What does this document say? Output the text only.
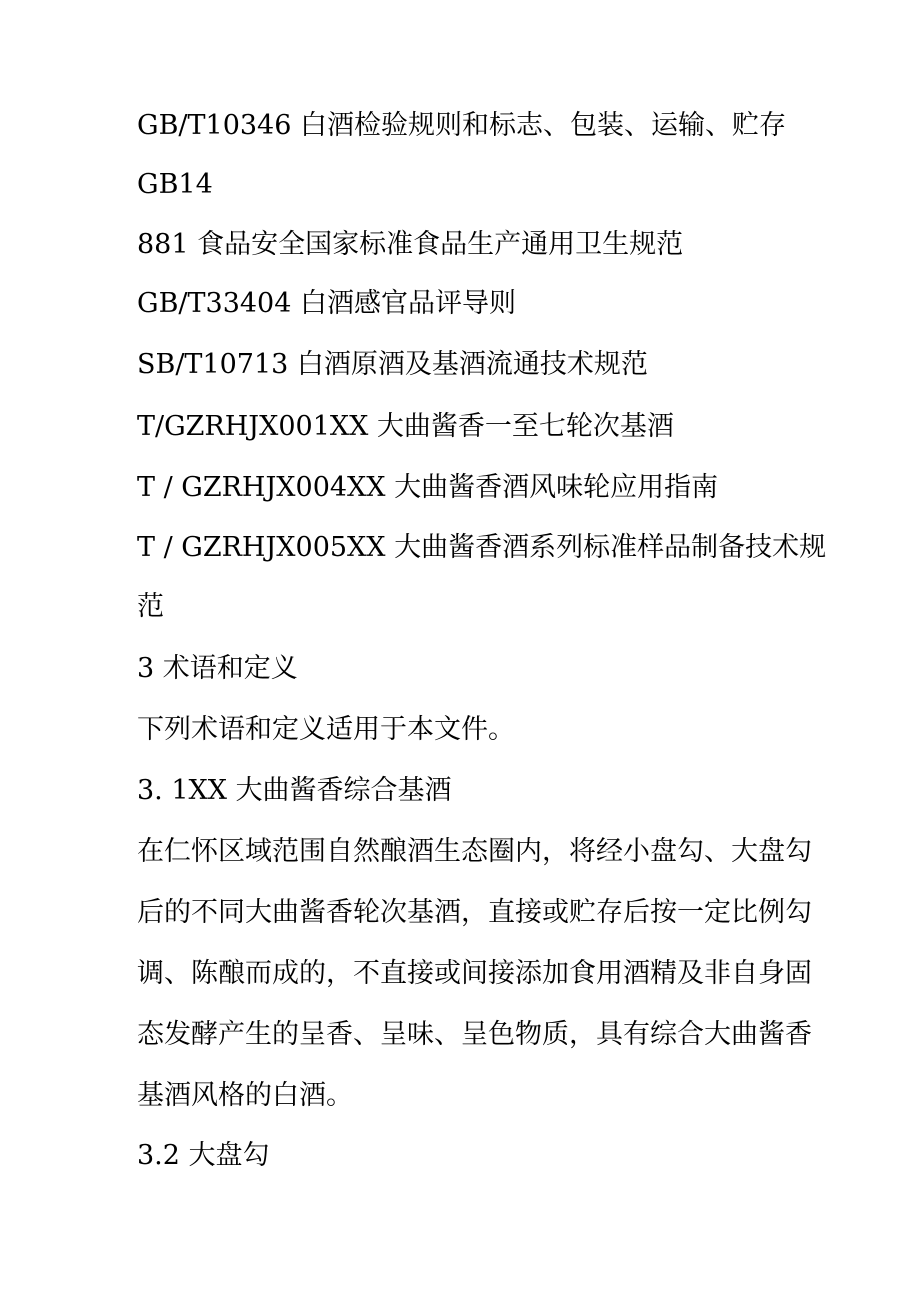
GB/T10346 白酒检验规则和标志、包装、运输、贮存
GB14
881 食品安全国家标准食品生产通用卫生规范
GB/T33404 白酒感官品评导则
SB/T10713 白酒原酒及基酒流通技术规范
T/GZRHJX001XX 大曲酱香一至七轮次基酒
T / GZRHJX004XX 大曲酱香酒风味轮应用指南
T / GZRHJX005XX 大曲酱香酒系列标准样品制备技术规
范
3 术语和定义
下列术语和定义适用于本文件。
3. 1XX 大曲酱香综合基酒
在仁怀区域范围自然酿酒生态圈内，将经小盘勾、大盘勾
后的不同大曲酱香轮次基酒，直接或贮存后按一定比例勾
调、陈酿而成的，不直接或间接添加食用酒精及非自身固
态发酵产生的呈香、呈味、呈色物质，具有综合大曲酱香
基酒风格的白酒。
3.2 大盘勾
